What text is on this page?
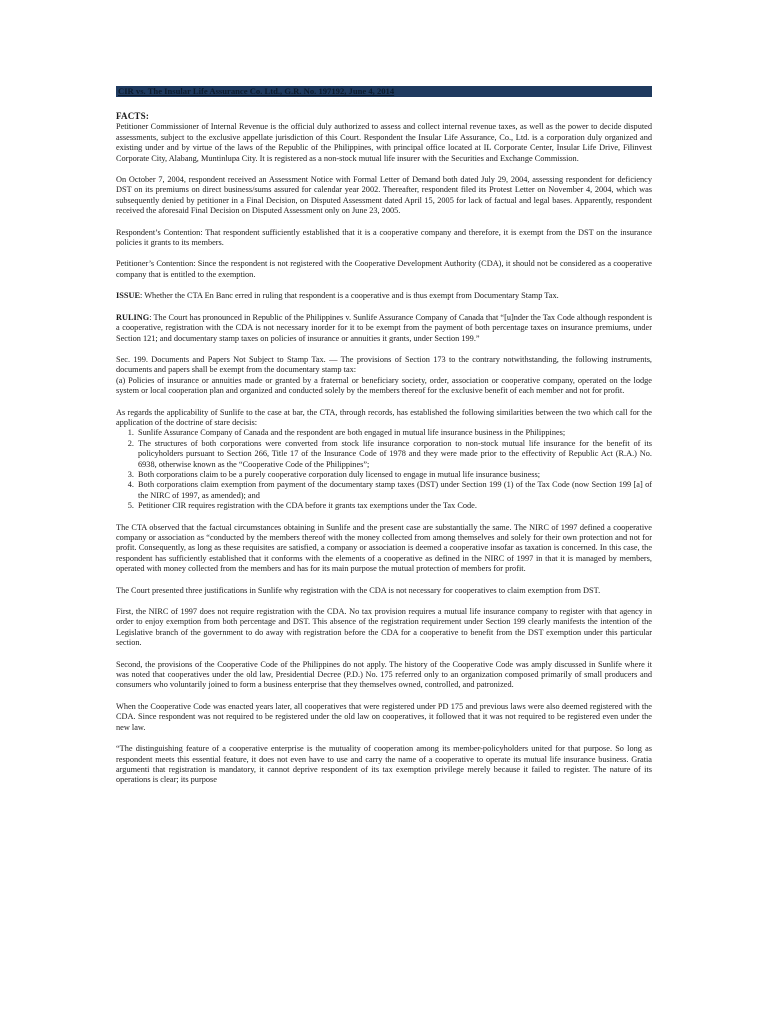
CIR vs. The Insular Life Assurance Co. Ltd., G.R. No. 197192, June 4, 2014

FACTS:

Petitioner Commissioner of Internal Revenue is the official duly authorized to assess and collect internal revenue taxes, as well as the power to decide disputed assessments, subject to the exclusive appellate jurisdiction of this Court. Respondent the Insular Life Assurance, Co., Ltd. is a corporation duly organized and existing under and by virtue of the laws of the Republic of the Philippines, with principal office located at IL Corporate Center, Insular Life Drive, Filinvest Corporate City, Alabang, Muntinlupa City. It is registered as a non-stock mutual life insurer with the Securities and Exchange Commission.

On October 7, 2004, respondent received an Assessment Notice with Formal Letter of Demand both dated July 29, 2004, assessing respondent for deficiency DST on its premiums on direct business/sums assured for calendar year 2002. Thereafter, respondent filed its Protest Letter on November 4, 2004, which was subsequently denied by petitioner in a Final Decision, on Disputed Assessment dated April 15, 2005 for lack of factual and legal bases. Apparently, respondent received the aforesaid Final Decision on Disputed Assessment only on June 23, 2005.

Respondent’s Contention: That respondent sufficiently established that it is a cooperative company and therefore, it is exempt from the DST on the insurance policies it grants to its members.

Petitioner’s Contention: Since the respondent is not registered with the Cooperative Development Authority (CDA), it should not be considered as a cooperative company that is entitled to the exemption.

ISSUE: Whether the CTA En Banc erred in ruling that respondent is a cooperative and is thus exempt from Documentary Stamp Tax.

RULING: The Court has pronounced in Republic of the Philippines v. Sunlife Assurance Company of Canada that “[u]nder the Tax Code although respondent is a cooperative, registration with the CDA is not necessary inorder for it to be exempt from the payment of both percentage taxes on insurance premiums, under Section 121; and documentary stamp taxes on policies of insurance or annuities it grants, under Section 199.”

Sec. 199. Documents and Papers Not Subject to Stamp Tax. — The provisions of Section 173 to the contrary notwithstanding, the following instruments, documents and papers shall be exempt from the documentary stamp tax:

(a) Policies of insurance or annuities made or granted by a fraternal or beneficiary society, order, association or cooperative company, operated on the lodge system or local cooperation plan and organized and conducted solely by the members thereof for the exclusive benefit of each member and not for profit.

As regards the applicability of Sunlife to the case at bar, the CTA, through records, has established the following similarities between the two which call for the application of the doctrine of stare decisis:

1. Sunlife Assurance Company of Canada and the respondent are both engaged in mutual life insurance business in the Philippines;
2. The structures of both corporations were converted from stock life insurance corporation to non-stock mutual life insurance for the benefit of its policyholders pursuant to Section 266, Title 17 of the Insurance Code of 1978 and they were made prior to the effectivity of Republic Act (R.A.) No. 6938, otherwise known as the “Cooperative Code of the Philippines”;
3. Both corporations claim to be a purely cooperative corporation duly licensed to engage in mutual life insurance business;
4. Both corporations claim exemption from payment of the documentary stamp taxes (DST) under Section 199 (1) of the Tax Code (now Section 199 [a] of the NIRC of 1997, as amended); and
5. Petitioner CIR requires registration with the CDA before it grants tax exemptions under the Tax Code.

The CTA observed that the factual circumstances obtaining in Sunlife and the present case are substantially the same. The NIRC of 1997 defined a cooperative company or association as “conducted by the members thereof with the money collected from among themselves and solely for their own protection and not for profit. Consequently, as long as these requisites are satisfied, a company or association is deemed a cooperative insofar as taxation is concerned. In this case, the respondent has sufficiently established that it conforms with the elements of a cooperative as defined in the NIRC of 1997 in that it is managed by members, operated with money collected from the members and has for its main purpose the mutual protection of members for profit.

The Court presented three justifications in Sunlife why registration with the CDA is not necessary for cooperatives to claim exemption from DST.

First, the NIRC of 1997 does not require registration with the CDA. No tax provision requires a mutual life insurance company to register with that agency in order to enjoy exemption from both percentage and DST. This absence of the registration requirement under Section 199 clearly manifests the intention of the Legislative branch of the government to do away with registration before the CDA for a cooperative to benefit from the DST exemption under this particular section.

Second, the provisions of the Cooperative Code of the Philippines do not apply. The history of the Cooperative Code was amply discussed in Sunlife where it was noted that cooperatives under the old law, Presidential Decree (P.D.) No. 175 referred only to an organization composed primarily of small producers and consumers who voluntarily joined to form a business enterprise that they themselves owned, controlled, and patronized.

When the Cooperative Code was enacted years later, all cooperatives that were registered under PD 175 and previous laws were also deemed registered with the CDA. Since respondent was not required to be registered under the old law on cooperatives, it followed that it was not required to be registered even under the new law.

“The distinguishing feature of a cooperative enterprise is the mutuality of cooperation among its member-policyholders united for that purpose. So long as respondent meets this essential feature, it does not even have to use and carry the name of a cooperative to operate its mutual life insurance business. Gratia argumenti that registration is mandatory, it cannot deprive respondent of its tax exemption privilege merely because it failed to register. The nature of its operations is clear; its purpose
